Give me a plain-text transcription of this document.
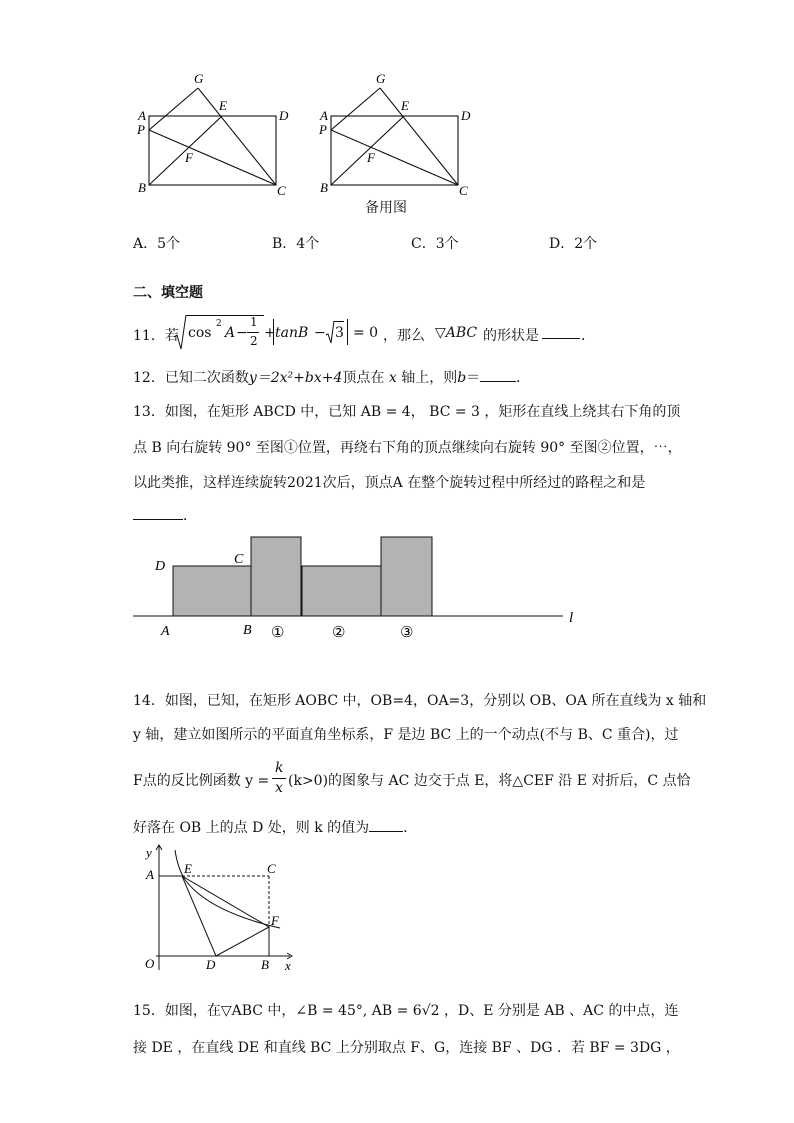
G
A
E
D
P
F
B	C
G
A
E
D
P
F
B	C
备用图
A．5个	B．4个	C．3个	D．2个
二、填空题
11．若 cos
2
A −
1
2 + tanB − 3 = 0 ，那么 ▽ABC 的形状是	．
12．已知二次函数y＝2x²+bx+4顶点在 x 轴上，则b＝	．
13．如图，在矩形 ABCD 中，已知 AB = 4， BC = 3 ，矩形在直线上绕其右下角的顶
点 B 向右旋转 90° 至图①位置，再绕右下角的顶点继续向右旋转 90° 至图②位置，⋯，
以此类推，这样连续旋转2021次后，顶点A 在整个旋转过程中所经过的路程之和是
．
D	C
A	B ①	②	③
l
14．如图，已知，在矩形 AOBC 中，OB=4，OA=3，分别以 OB、OA 所在直线为 x 轴和
y 轴，建立如图所示的平面直角坐标系，F 是边 BC 上的一个动点(不与 B、C 重合)，过
F点的反比例函数 y =
k
x (k>0)的图象与 AC 边交于点 E，将△CEF 沿 E 对折后，C 点恰
好落在 OB 上的点 D 处，则 k 的值为 ．
y
A E	C
F
O	D	B x
15．如图，在▽ABC 中，∠B = 45°, AB = 6√2 ，D、E 分别是 AB 、AC 的中点，连
接 DE ，在直线 DE 和直线 BC 上分别取点 F、G，连接 BF 、DG ．若 BF = 3DG ，
